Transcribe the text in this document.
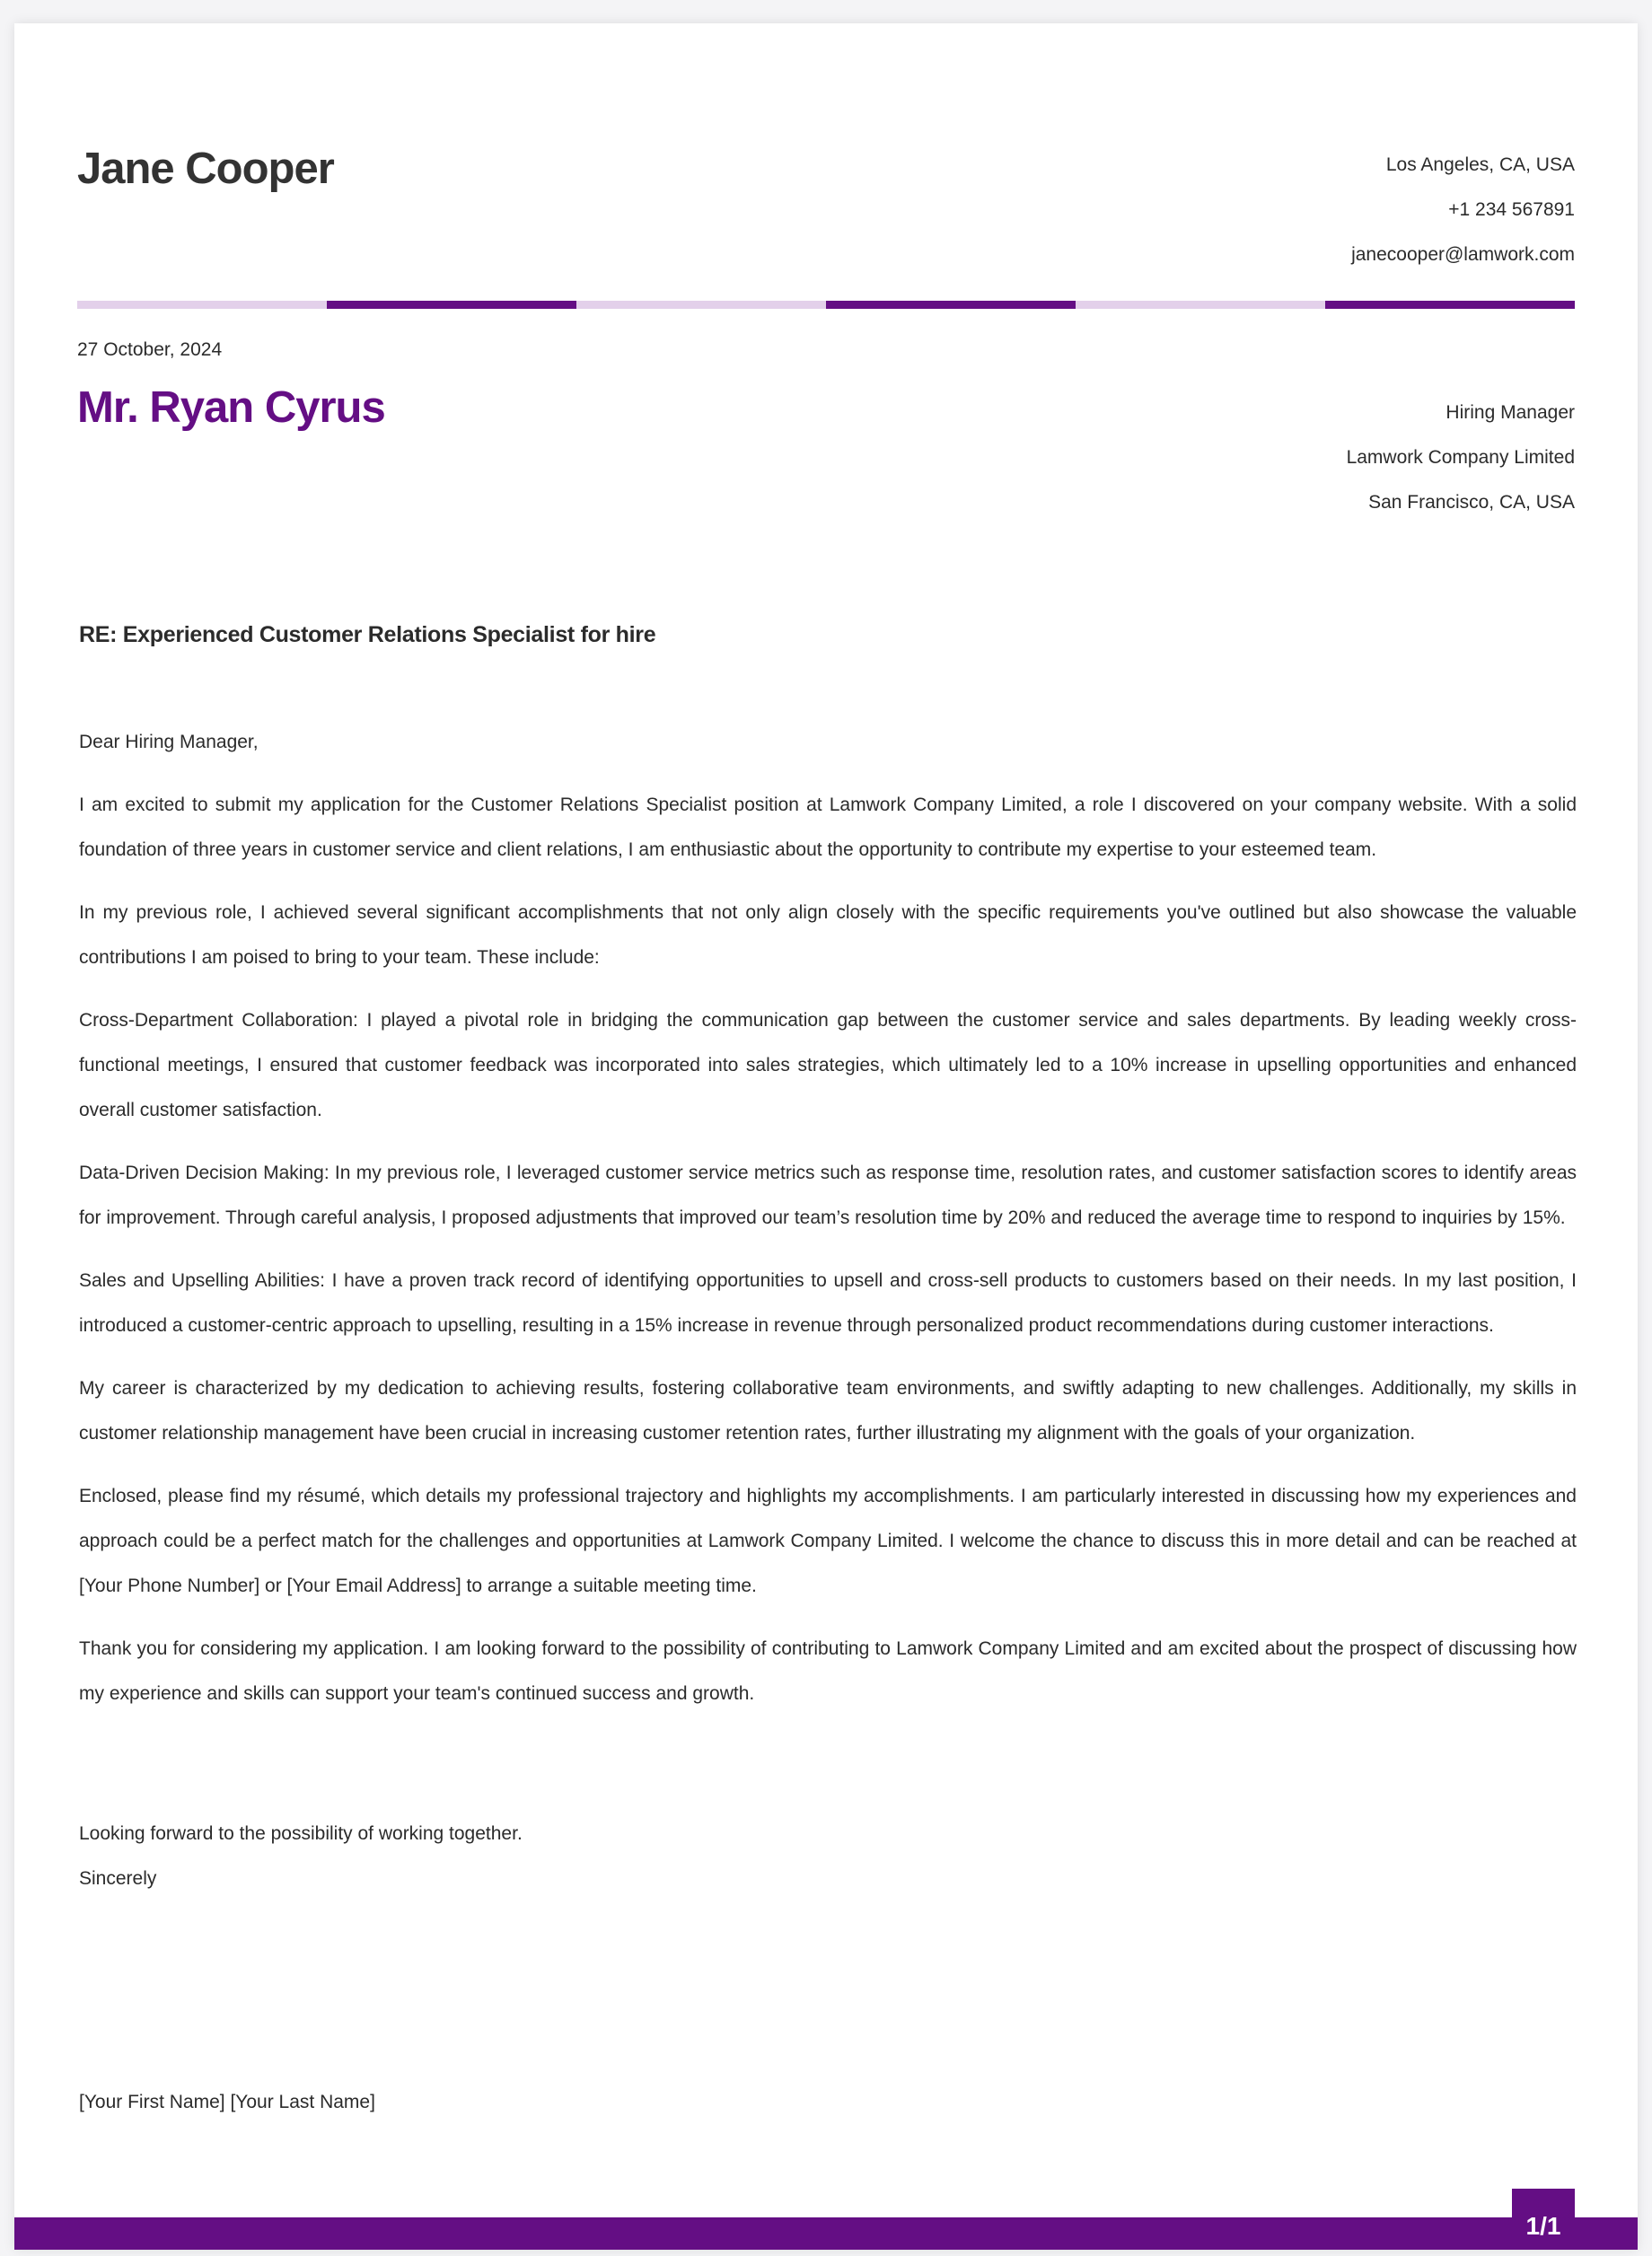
Jane Cooper	Los Angeles, CA, USA
+1 234 567891
janecooper@lamwork.com
27 October, 2024
Mr. Ryan Cyrus	Hiring Manager
Lamwork Company Limited
San Francisco, CA, USA
RE: Experienced Customer Relations Specialist for hire
Dear Hiring Manager,

I am excited to submit my application for the Customer Relations Specialist position at Lamwork Company Limited, a role I discovered on your company website. With a solid foundation of three years in customer service and client relations, I am enthusiastic about the opportunity to contribute my expertise to your esteemed team.

In my previous role, I achieved several significant accomplishments that not only align closely with the specific requirements you've outlined but also showcase the valuable contributions I am poised to bring to your team. These include:

Cross-Department Collaboration: I played a pivotal role in bridging the communication gap between the customer service and sales departments. By leading weekly cross-functional meetings, I ensured that customer feedback was incorporated into sales strategies, which ultimately led to a 10% increase in upselling opportunities and enhanced overall customer satisfaction.

Data-Driven Decision Making: In my previous role, I leveraged customer service metrics such as response time, resolution rates, and customer satisfaction scores to identify areas for improvement. Through careful analysis, I proposed adjustments that improved our team’s resolution time by 20% and reduced the average time to respond to inquiries by 15%.

Sales and Upselling Abilities: I have a proven track record of identifying opportunities to upsell and cross-sell products to customers based on their needs. In my last position, I introduced a customer-centric approach to upselling, resulting in a 15% increase in revenue through personalized product recommendations during customer interactions.

My career is characterized by my dedication to achieving results, fostering collaborative team environments, and swiftly adapting to new challenges. Additionally, my skills in customer relationship management have been crucial in increasing customer retention rates, further illustrating my alignment with the goals of your organization.

Enclosed, please find my résumé, which details my professional trajectory and highlights my accomplishments. I am particularly interested in discussing how my experiences and approach could be a perfect match for the challenges and opportunities at Lamwork Company Limited. I welcome the chance to discuss this in more detail and can be reached at [Your Phone Number] or [Your Email Address] to arrange a suitable meeting time.

Thank you for considering my application. I am looking forward to the possibility of contributing to Lamwork Company Limited and am excited about the prospect of discussing how my experience and skills can support your team's continued success and growth.

Looking forward to the possibility of working together.
Sincerely
[Your First Name] [Your Last Name]
1/1
